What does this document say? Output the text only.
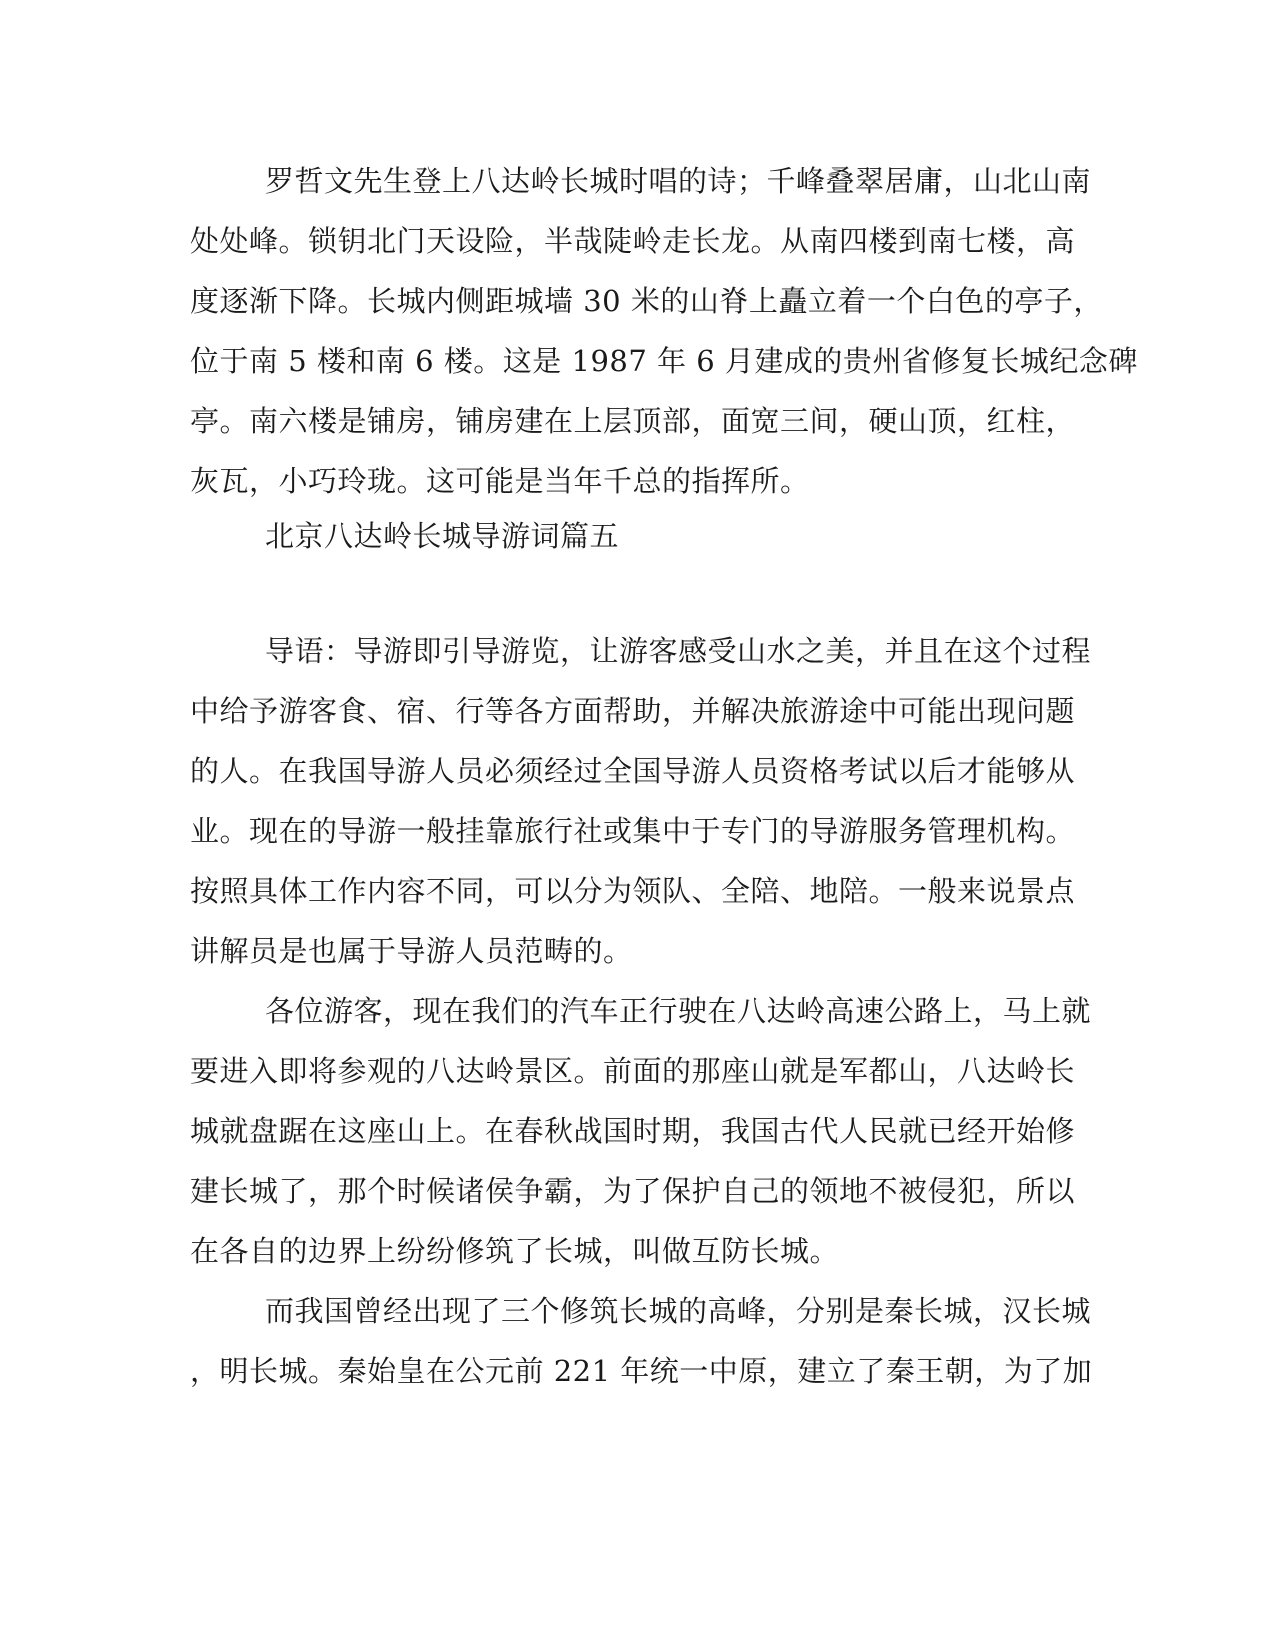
罗哲文先生登上八达岭长城时唱的诗；千峰叠翠居庸，山北山南
处处峰。锁钥北门天设险，半哉陡岭走长龙。从南四楼到南七楼，高
度逐渐下降。长城内侧距城墙 30 米的山脊上矗立着一个白色的亭子，
位于南 5 楼和南 6 楼。这是 1987 年 6 月建成的贵州省修复长城纪念碑
亭。南六楼是铺房，铺房建在上层顶部，面宽三间，硬山顶，红柱，
灰瓦，小巧玲珑。这可能是当年千总的指挥所。
北京八达岭长城导游词篇五
导语：导游即引导游览，让游客感受山水之美，并且在这个过程
中给予游客食、宿、行等各方面帮助，并解决旅游途中可能出现问题
的人。在我国导游人员必须经过全国导游人员资格考试以后才能够从
业。现在的导游一般挂靠旅行社或集中于专门的导游服务管理机构。
按照具体工作内容不同，可以分为领队、全陪、地陪。一般来说景点
讲解员是也属于导游人员范畴的。
各位游客，现在我们的汽车正行驶在八达岭高速公路上，马上就
要进入即将参观的八达岭景区。前面的那座山就是军都山，八达岭长
城就盘踞在这座山上。在春秋战国时期，我国古代人民就已经开始修
建长城了，那个时候诸侯争霸，为了保护自己的领地不被侵犯，所以
在各自的边界上纷纷修筑了长城，叫做互防长城。
而我国曾经出现了三个修筑长城的高峰，分别是秦长城，汉长城
，明长城。秦始皇在公元前 221 年统一中原，建立了秦王朝，为了加
